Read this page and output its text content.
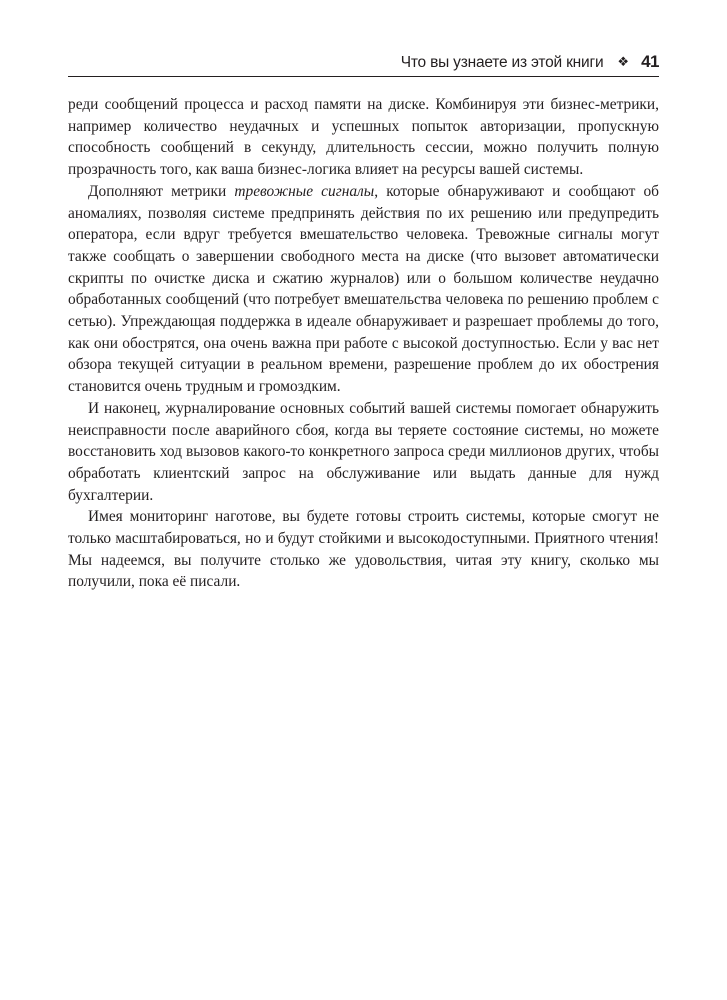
Что вы узнаете из этой книги ❖ 41

реди сообщений процесса и расход памяти на диске. Комбинируя эти бизнес-метрики, например количество неудачных и успешных попыток авторизации, пропускную способность сообщений в секунду, длительность сессии, можно получить полную прозрачность того, как ваша бизнес-логика влияет на ресурсы вашей системы.

Дополняют метрики тревожные сигналы, которые обнаруживают и сообщают об аномалиях, позволяя системе предпринять действия по их решению или предупредить оператора, если вдруг требуется вмешательство человека. Тревожные сигналы могут также сообщать о завершении свободного места на диске (что вызовет автоматически скрипты по очистке диска и сжатию журналов) или о большом количестве неудачно обработанных сообщений (что потребует вмешательства человека по решению проблем с сетью). Упреждающая поддержка в идеале обнаруживает и разрешает проблемы до того, как они обострятся, она очень важна при работе с высокой доступностью. Если у вас нет обзора текущей ситуации в реальном времени, разрешение проблем до их обострения становится очень трудным и громоздким.

И наконец, журналирование основных событий вашей системы помогает обнаружить неисправности после аварийного сбоя, когда вы теряете состояние системы, но можете восстановить ход вызовов какого-то конкретного запроса среди миллионов других, чтобы обработать клиентский запрос на обслуживание или выдать данные для нужд бухгалтерии.

Имея мониторинг наготове, вы будете готовы строить системы, которые смогут не только масштабироваться, но и будут стойкими и высокодоступными. Приятного чтения! Мы надеемся, вы получите столько же удовольствия, читая эту книгу, сколько мы получили, пока её писали.
